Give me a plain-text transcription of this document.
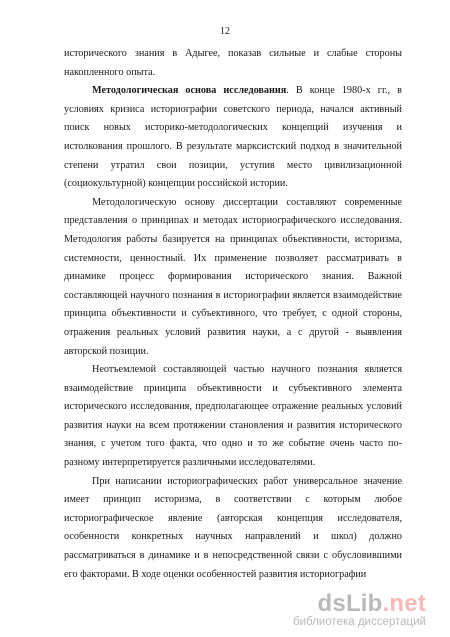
12

исторического знания в Адыгее, показав сильные и слабые стороны накопленного опыта.

Методологическая основа исследования. В конце 1980-х гг., в условиях кризиса историографии советского периода, начался активный поиск новых историко-методологических концепций изучения и истолкования прошлого. В результате марксистский подход в значительной степени утратил свои позиции, уступив место цивилизационной (социокультурной) концепции российской истории.

Методологическую основу диссертации составляют современные представления о принципах и методах историографического исследования. Методология работы базируется на принципах объективности, историзма, системности, ценностный. Их применение позволяет рассматривать в динамике процесс формирования исторического знания. Важной составляющей научного познания в историографии является взаимодействие принципа объективности и субъективного, что требует, с одной стороны, отражения реальных условий развития науки, а с другой - выявления авторской позиции.

Неотъемлемой составляющей частью научного познания является взаимодействие принципа объективности и субъективного элемента исторического исследования, предполагающее отражение реальных условий развития науки на всем протяжении становления и развития исторического знания, с учетом того факта, что одно и то же событие очень часто по-разному интерпретируется различными исследователями.

При написании историографических работ универсальное значение имеет принцип историзма, в соответствии с которым любое историографическое явление (авторская концепция исследователя, особенности конкретных научных направлений и школ) должно рассматриваться в динамике и в непосредственной связи с обусловившими его факторами. В ходе оценки особенностей развития историографии

dsLib.net
библиотека диссертаций
